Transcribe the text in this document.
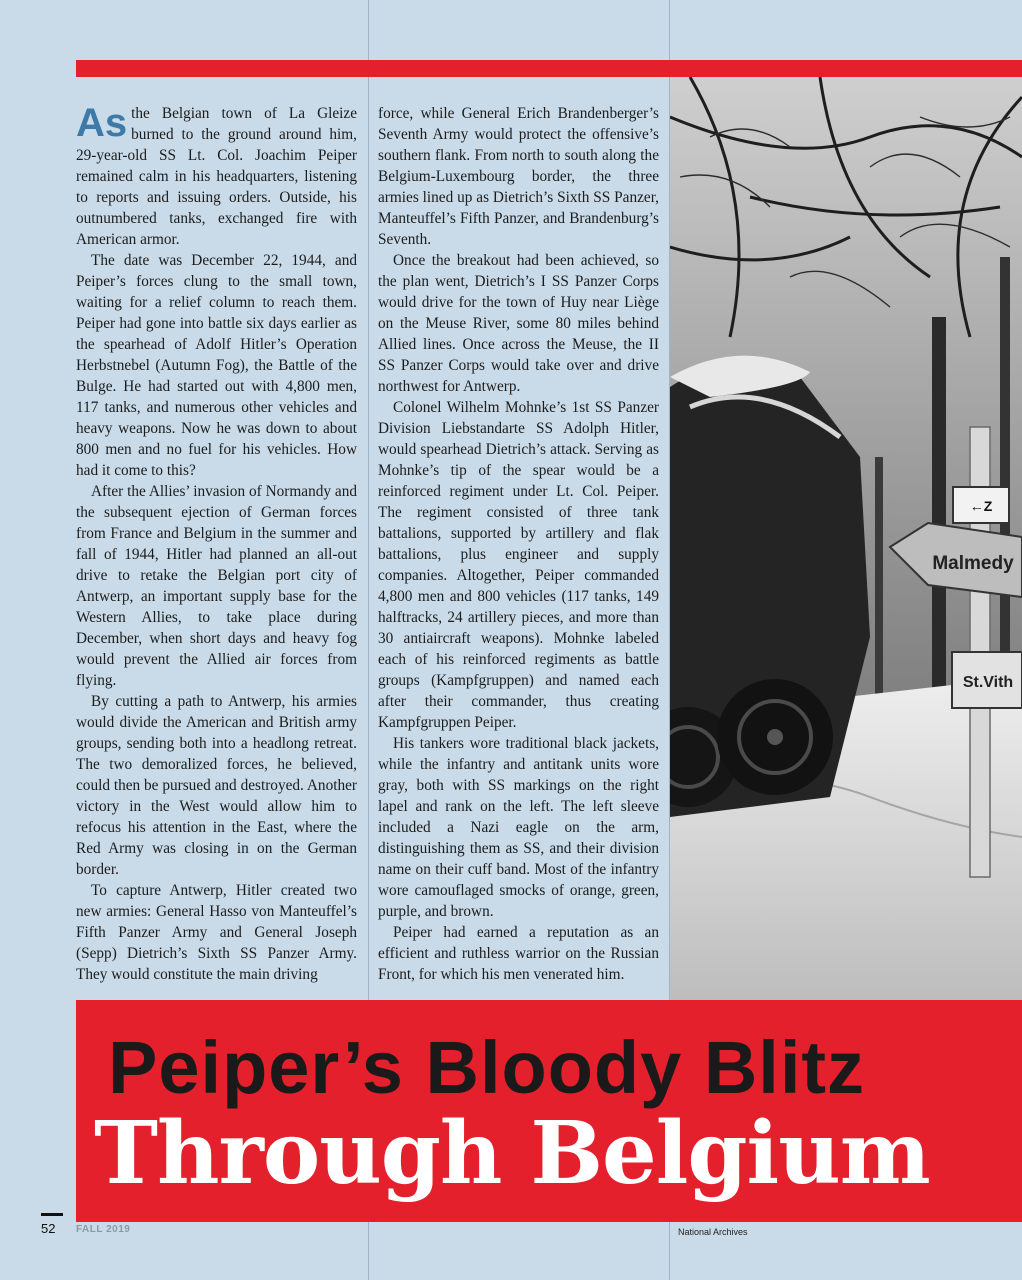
As the Belgian town of La Gleize burned to the ground around him, 29-year-old SS Lt. Col. Joachim Peiper remained calm in his headquarters, listening to reports and issuing orders. Outside, his outnumbered tanks, exchanged fire with American armor.

The date was December 22, 1944, and Peiper’s forces clung to the small town, waiting for a relief column to reach them. Peiper had gone into battle six days earlier as the spearhead of Adolf Hitler’s Operation Herbstnebel (Autumn Fog), the Battle of the Bulge. He had started out with 4,800 men, 117 tanks, and numerous other vehicles and heavy weapons. Now he was down to about 800 men and no fuel for his vehicles. How had it come to this?

After the Allies’ invasion of Normandy and the subsequent ejection of German forces from France and Belgium in the summer and fall of 1944, Hitler had planned an all-out drive to retake the Belgian port city of Antwerp, an important supply base for the Western Allies, to take place during December, when short days and heavy fog would prevent the Allied air forces from flying.

By cutting a path to Antwerp, his armies would divide the American and British army groups, sending both into a headlong retreat. The two demoralized forces, he believed, could then be pursued and destroyed. Another victory in the West would allow him to refocus his attention in the East, where the Red Army was closing in on the German border.

To capture Antwerp, Hitler created two new armies: General Hasso von Manteuffel’s Fifth Panzer Army and General Joseph (Sepp) Dietrich’s Sixth SS Panzer Army. They would constitute the main driving

force, while General Erich Brandenberger’s Seventh Army would protect the offensive’s southern flank. From north to south along the Belgium-Luxembourg border, the three armies lined up as Dietrich’s Sixth SS Panzer, Manteuffel’s Fifth Panzer, and Brandenburg’s Seventh.

Once the breakout had been achieved, so the plan went, Dietrich’s I SS Panzer Corps would drive for the town of Huy near Liège on the Meuse River, some 80 miles behind Allied lines. Once across the Meuse, the II SS Panzer Corps would take over and drive northwest for Antwerp.

Colonel Wilhelm Mohnke’s 1st SS Panzer Division Liebstandarte SS Adolph Hitler, would spearhead Dietrich’s attack. Serving as Mohnke’s tip of the spear would be a reinforced regiment under Lt. Col. Peiper. The regiment consisted of three tank battalions, supported by artillery and flak battalions, plus engineer and supply companies. Altogether, Peiper commanded 4,800 men and 800 vehicles (117 tanks, 149 halftracks, 24 artillery pieces, and more than 30 antiaircraft weapons). Mohnke labeled each of his reinforced regiments as battle groups (Kampfgruppen) and named each after their commander, thus creating Kampfgruppen Peiper.

His tankers wore traditional black jackets, while the infantry and antitank units wore gray, both with SS markings on the right lapel and rank on the left. The left sleeve included a Nazi eagle on the arm, distinguishing them as SS, and their division name on their cuff band. Most of the infantry wore camouflaged smocks of orange, green, purple, and brown.

Peiper had earned a reputation as an efficient and ruthless warrior on the Russian Front, for which his men venerated him.

←Z
Malmedy
St.Vith
Peiper’s Bloody Blitz
Through Belgium
52 FALL 2019	National Archives
